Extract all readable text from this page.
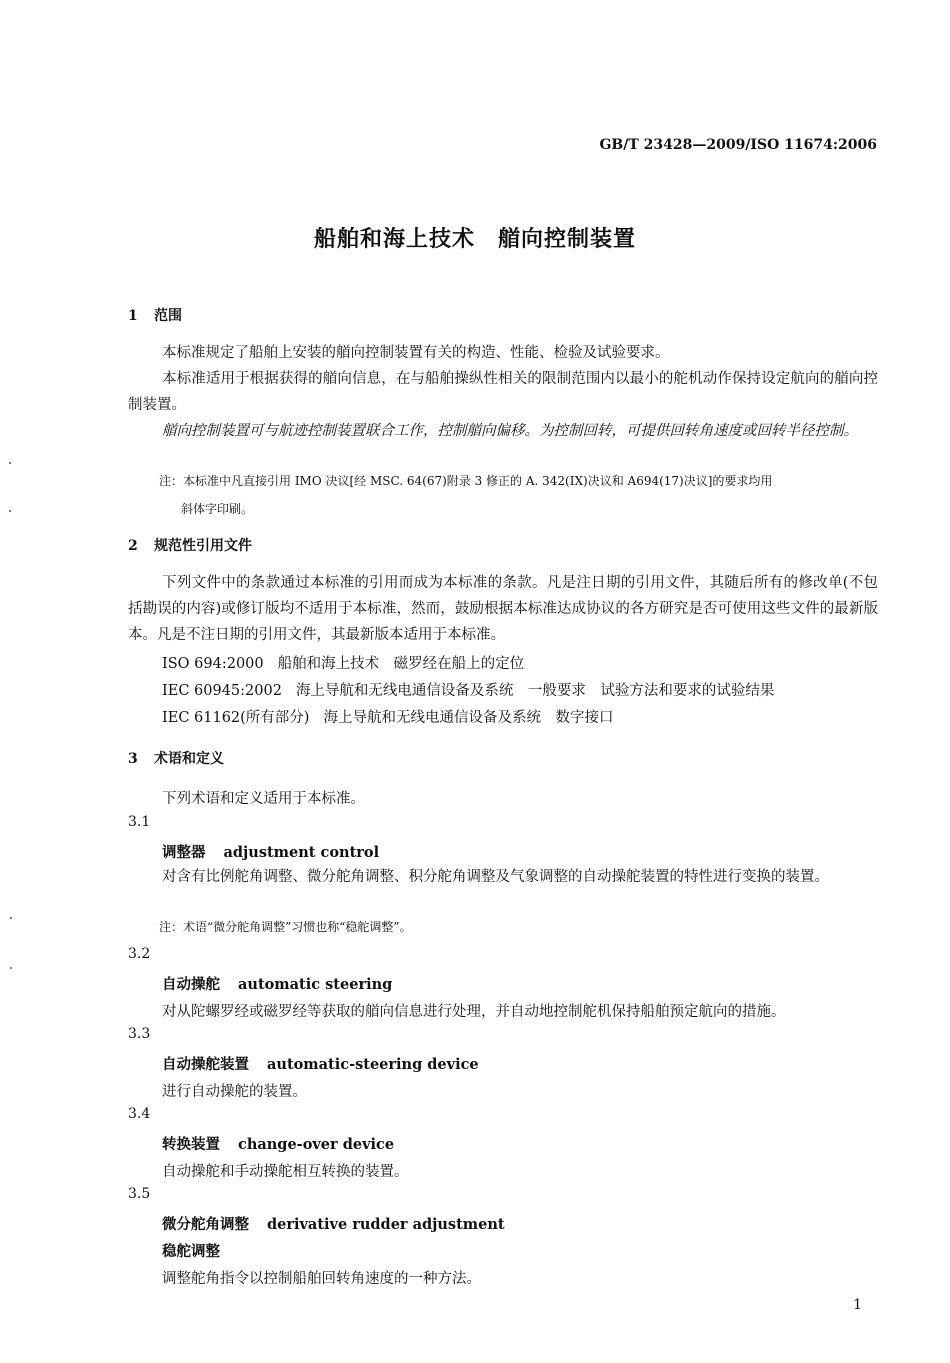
GB/T 23428—2009/ISO 11674:2006
船舶和海上技术　艏向控制装置
1 范围
本标准规定了船舶上安装的艏向控制装置有关的构造、性能、检验及试验要求。
本标准适用于根据获得的艏向信息，在与船舶操纵性相关的限制范围内以最小的舵机动作保持设定航向的艏向控制装置。
艏向控制装置可与航迹控制装置联合工作，控制艏向偏移。为控制回转，可提供回转角速度或回转半径控制。
注：本标准中凡直接引用 IMO 决议[经 MSC. 64(67)附录 3 修正的 A. 342(IX)决议和 A694(17)决议]的要求均用
斜体字印刷。
2 规范性引用文件
下列文件中的条款通过本标准的引用而成为本标准的条款。凡是注日期的引用文件，其随后所有的修改单(不包括勘误的内容)或修订版均不适用于本标准，然而，鼓励根据本标准达成协议的各方研究是否可使用这些文件的最新版本。凡是不注日期的引用文件，其最新版本适用于本标准。
ISO 694:2000 船舶和海上技术　磁罗经在船上的定位
IEC 60945:2002 海上导航和无线电通信设备及系统　一般要求　试验方法和要求的试验结果
IEC 61162(所有部分) 海上导航和无线电通信设备及系统　数字接口
3 术语和定义
下列术语和定义适用于本标准。
3.1
调整器 adjustment control
对含有比例舵角调整、微分舵角调整、积分舵角调整及气象调整的自动操舵装置的特性进行变换的装置。
注：术语“微分舵角调整”习惯也称“稳舵调整”。
3.2
自动操舵 automatic steering
对从陀螺罗经或磁罗经等获取的艏向信息进行处理，并自动地控制舵机保持船舶预定航向的措施。
3.3
自动操舵装置 automatic-steering device
进行自动操舵的装置。
3.4
转换装置 change-over device
自动操舵和手动操舵相互转换的装置。
3.5
微分舵角调整 derivative rudder adjustment
稳舵调整
调整舵角指令以控制船舶回转角速度的一种方法。
1
